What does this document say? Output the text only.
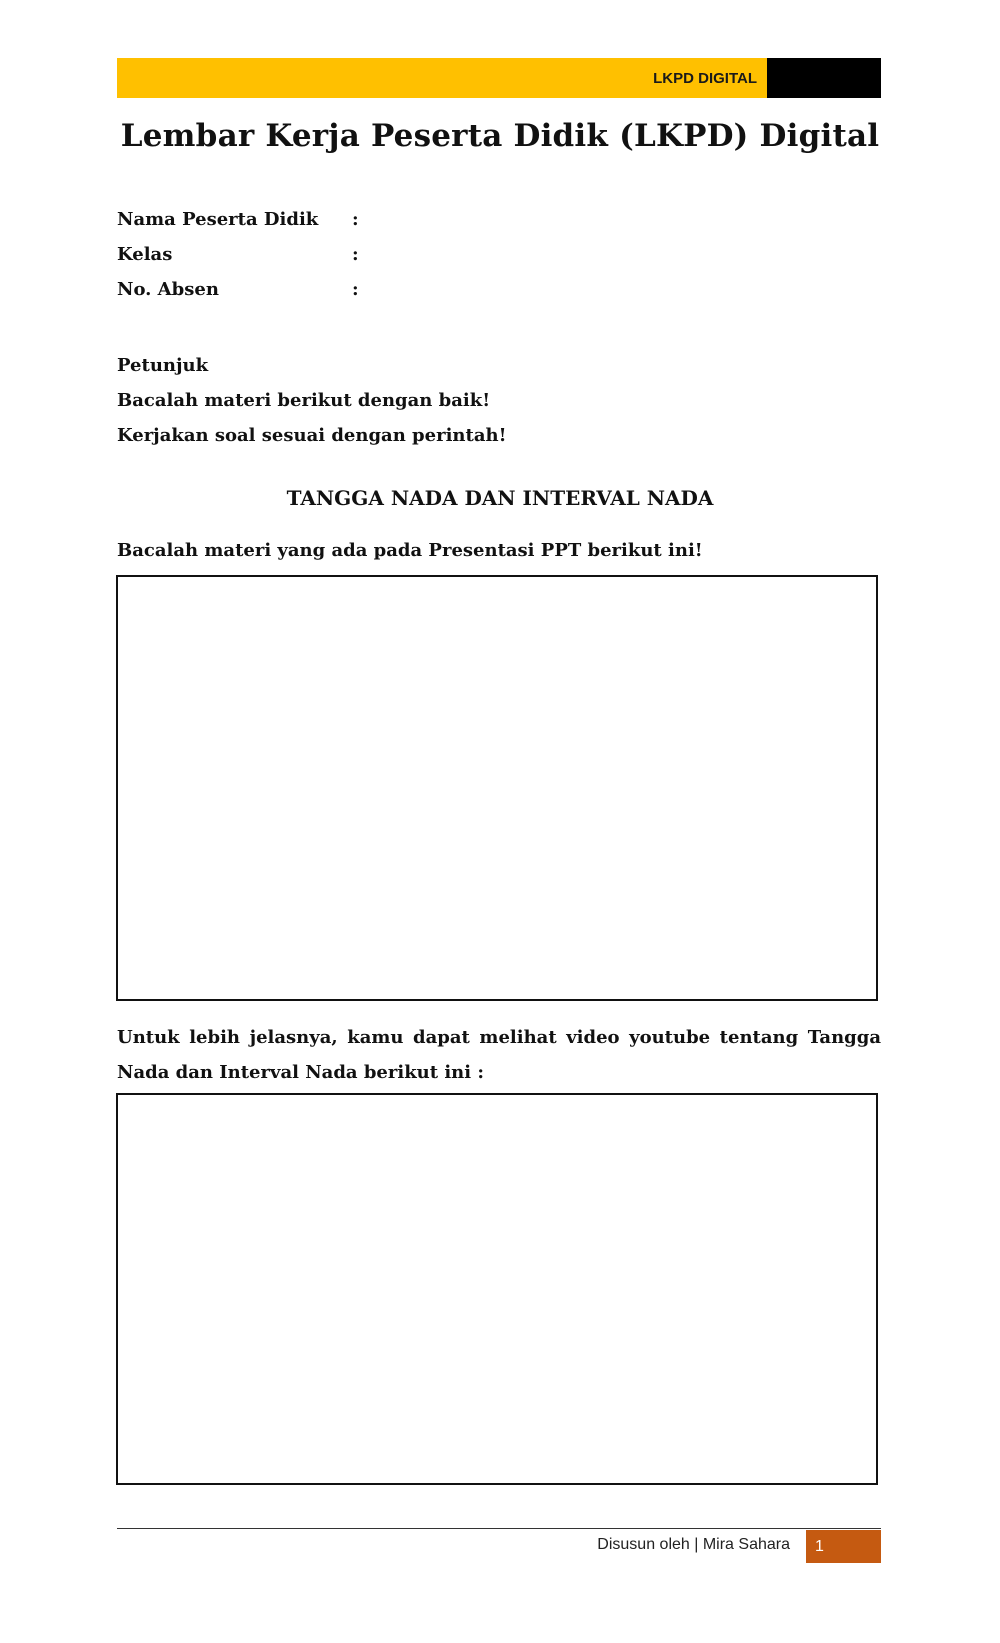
LKPD DIGITAL
Lembar Kerja Peserta Didik (LKPD) Digital
Nama Peserta Didik :
Kelas	:
No. Absen	:
Petunjuk
Bacalah materi berikut dengan baik!
Kerjakan soal sesuai dengan perintah!
TANGGA NADA DAN INTERVAL NADA
Bacalah materi yang ada pada Presentasi PPT berikut ini!
Untuk lebih jelasnya, kamu dapat melihat video youtube tentang Tangga Nada dan Interval Nada berikut ini :
Disusun oleh | Mira Sahara	1
